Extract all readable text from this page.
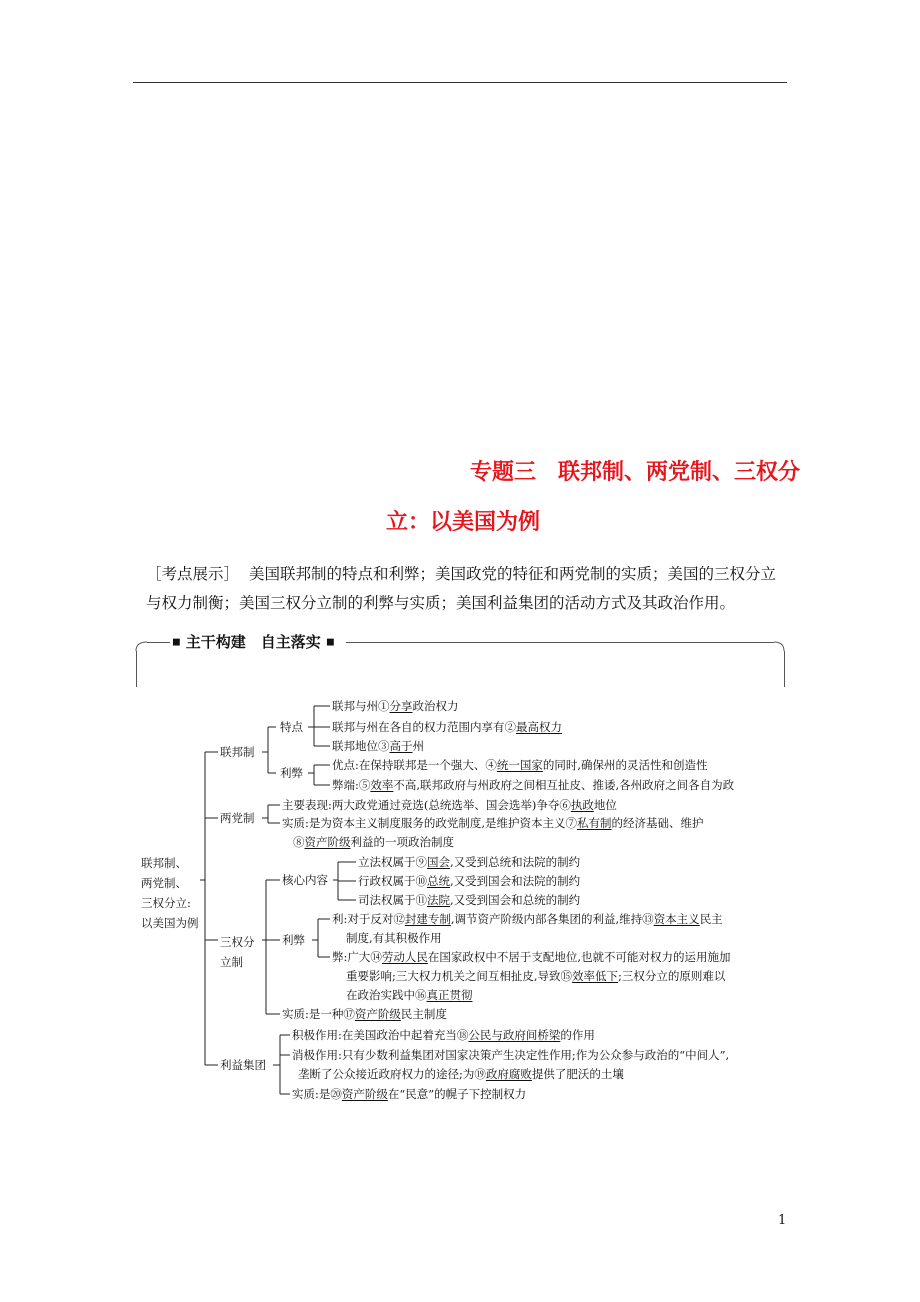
专题三　联邦制、两党制、三权分
立：以美国为例
［考点展示］ 美国联邦制的特点和利弊；美国政党的特征和两党制的实质；美国的三权分立
与权力制衡；美国三权分立制的利弊与实质；美国利益集团的活动方式及其政治作用。
■ 主干构建　自主落实 ■
联邦制、
两党制、
三权分立:
以美国为例
联邦制
特点
联邦与州①分享政治权力
联邦与州在各自的权力范围内享有②最高权力
联邦地位③高于州
利弊
优点:在保持联邦是一个强大、④统一国家的同时,确保州的灵活性和创造性
弊端:⑤效率不高,联邦政府与州政府之间相互扯皮、推诿,各州政府之间各自为政
两党制
主要表现:两大政党通过竞选(总统选举、国会选举)争夺⑥执政地位
实质:是为资本主义制度服务的政党制度,是维护资本主义⑦私有制的经济基础、维护
⑧资产阶级利益的一项政治制度
三权分
立制
核心内容
立法权属于⑨国会,又受到总统和法院的制约
行政权属于⑩总统,又受到国会和法院的制约
司法权属于⑪法院,又受到国会和总统的制约
利弊
利:对于反对⑫封建专制,调节资产阶级内部各集团的利益,维持⑬资本主义民主
制度,有其积极作用
弊:广大⑭劳动人民在国家政权中不居于支配地位,也就不可能对权力的运用施加
重要影响;三大权力机关之间互相扯皮,导致⑮效率低下;三权分立的原则难以
在政治实践中⑯真正贯彻
实质:是一种⑰资产阶级民主制度
利益集团
积极作用:在美国政治中起着充当⑱公民与政府间桥梁的作用
消极作用:只有少数利益集团对国家决策产生决定性作用;作为公众参与政治的“中间人”,
垄断了公众接近政府权力的途径;为⑲政府腐败提供了肥沃的土壤
实质:是⑳资产阶级在“民意”的幌子下控制权力
1
